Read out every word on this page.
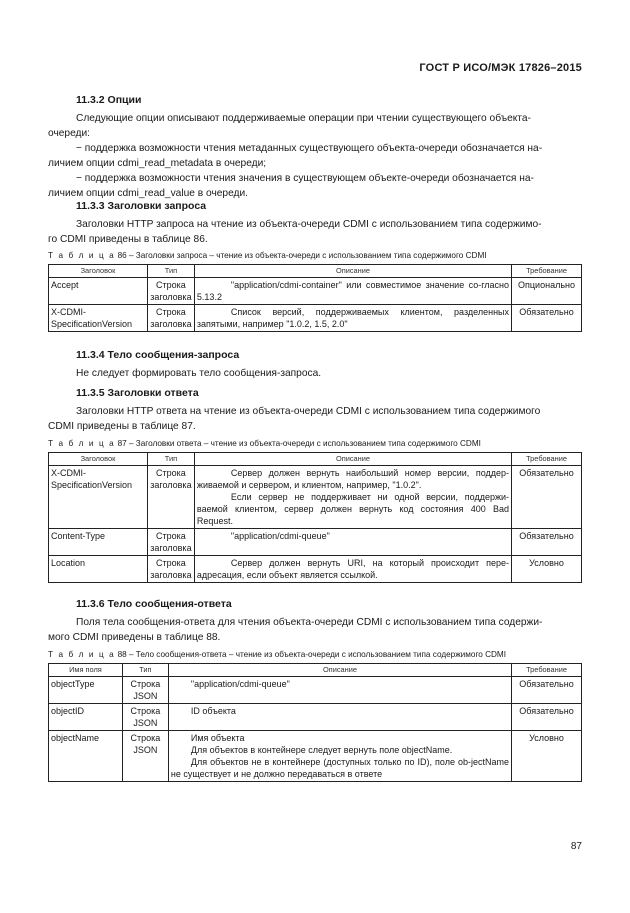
ГОСТ Р ИСО/МЭК 17826–2015
11.3.2 Опции
Следующие опции описывают поддерживаемые операции при чтении существующего объекта-
очереди:
− поддержка возможности чтения метаданных существующего объекта-очереди обозначается на-
личием опции cdmi_read_metadata в очереди;
− поддержка возможности чтения значения в существующем объекте-очереди обозначается на-
личием опции cdmi_read_value в очереди.
11.3.3 Заголовки запроса
Заголовки HTTP запроса на чтение из объекта-очереди CDMI с использованием типа содержимо-
го CDMI приведены в таблице 86.
Т а б л и ц а 86 – Заголовки запроса – чтение из объекта-очереди с использованием типа содержимого CDMI
Заголовок	Тип	Описание	Требование
Accept	Строка заголовка	"application/cdmi-container" или совместимое значение со-гласно 5.13.2	Опционально
X-CDMI-SpecificationVersion	Строка заголовка	Список версий, поддерживаемых клиентом, разделенных запятыми, например "1.0.2, 1.5, 2.0"	Обязательно
11.3.4 Тело сообщения-запроса
Не следует формировать тело сообщения-запроса.
11.3.5 Заголовки ответа
Заголовки HTTP ответа на чтение из объекта-очереди CDMI с использованием типа содержимого
CDMI приведены в таблице 87.
Т а б л и ц а 87 – Заголовки ответа – чтение из объекта-очереди с использованием типа содержимого CDMI
Заголовок	Тип	Описание	Требование
X-CDMI-SpecificationVersion	Строка заголовка	Сервер должен вернуть наибольший номер версии, поддер-живаемой и сервером, и клиентом, например, "1.0.2".
Если сервер не поддерживает ни одной версии, поддержи-ваемой клиентом, сервер должен вернуть код состояния 400 Bad Request.	Обязательно
Content-Type	Строка заголовка	"application/cdmi-queue"	Обязательно
Location	Строка заголовка	Сервер должен вернуть URI, на который происходит пере-адресация, если объект является ссылкой.	Условно
11.3.6 Тело сообщения-ответа
Поля тела сообщения-ответа для чтения объекта-очереди CDMI с использованием типа содержи-
мого CDMI приведены в таблице 88.
Т а б л и ц а 88 – Тело сообщения-ответа – чтение из объекта-очереди с использованием типа содержимого CDMI
Имя поля	Тип	Описание	Требование
objectType	Строка JSON	"application/cdmi-queue"	Обязательно
objectID	Строка JSON	ID объекта	Обязательно
objectName	Строка JSON	Имя объекта
Для объектов в контейнере следует вернуть поле objectName.
Для объектов не в контейнере (доступных только по ID), поле ob-jectName не существует и не должно передаваться в ответе	Условно
87
